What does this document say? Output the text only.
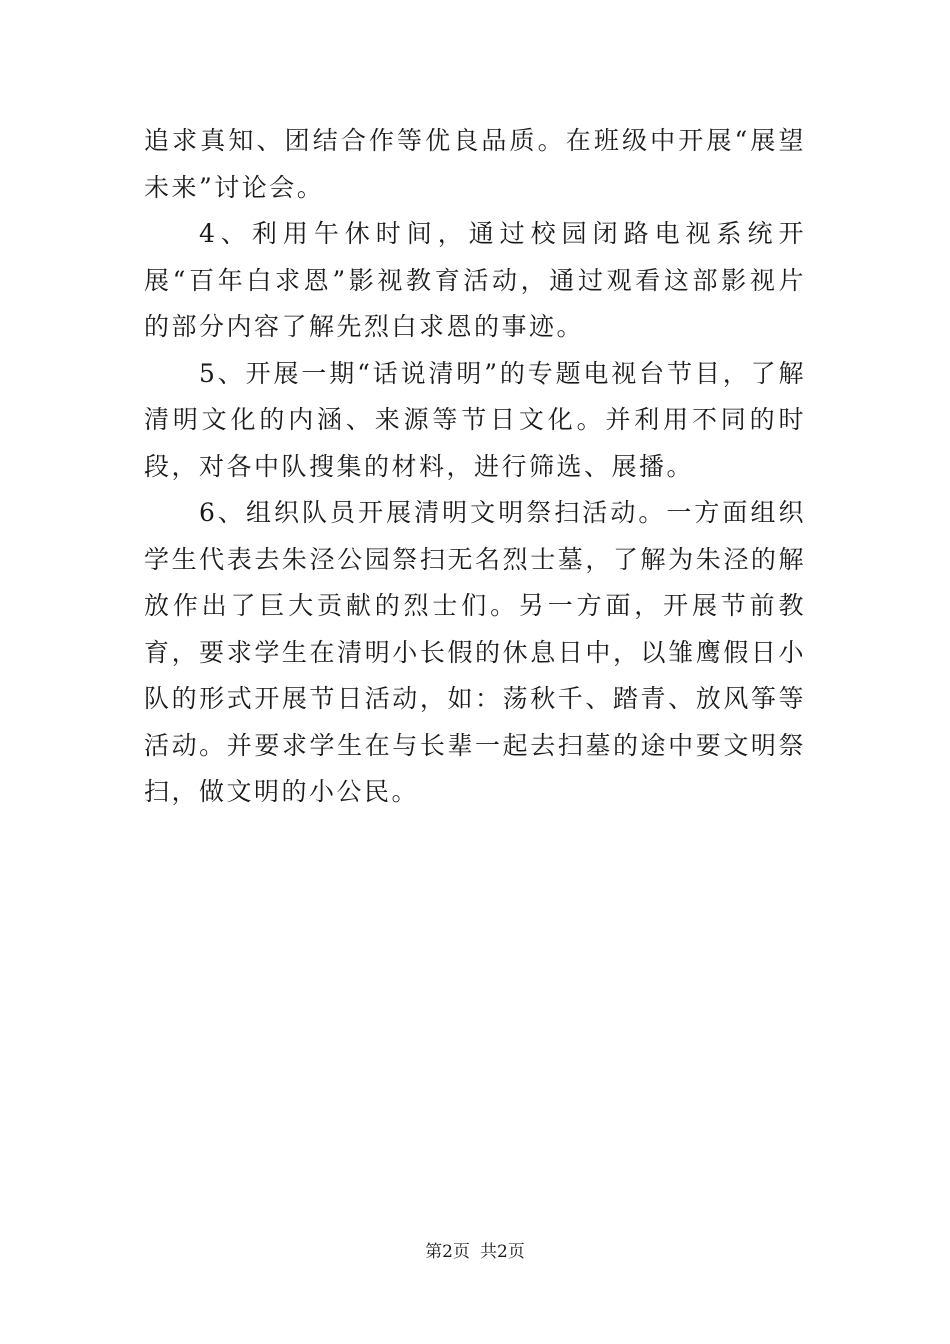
追求真知、团结合作等优良品质。在班级中开展“展望未来”讨论会。

4、利用午休时间，通过校园闭路电视系统开展“百年白求恩”影视教育活动，通过观看这部影视片的部分内容了解先烈白求恩的事迹。

5、开展一期“话说清明”的专题电视台节目，了解清明文化的内涵、来源等节日文化。并利用不同的时段，对各中队搜集的材料，进行筛选、展播。

6、组织队员开展清明文明祭扫活动。一方面组织学生代表去朱泾公园祭扫无名烈士墓，了解为朱泾的解放作出了巨大贡献的烈士们。另一方面，开展节前教育，要求学生在清明小长假的休息日中，以雏鹰假日小队的形式开展节日活动，如：荡秋千、踏青、放风筝等活动。并要求学生在与长辈一起去扫墓的途中要文明祭扫，做文明的小公民。

第2页 共2页
